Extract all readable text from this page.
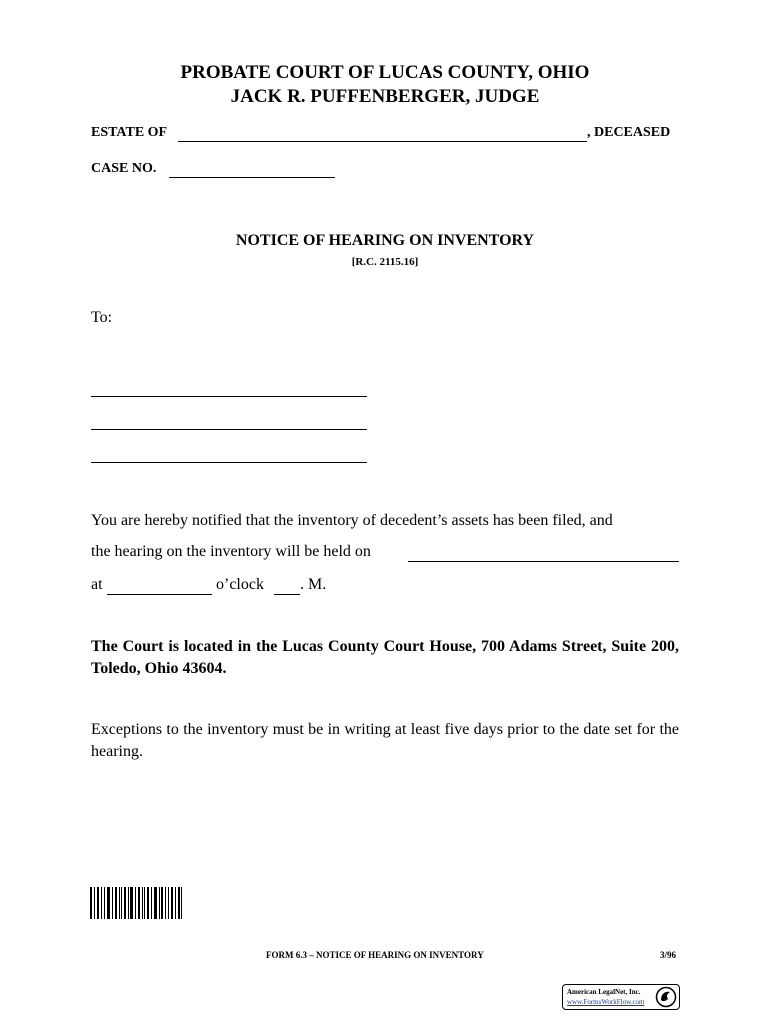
PROBATE COURT OF LUCAS COUNTY, OHIO
JACK R. PUFFENBERGER, JUDGE
ESTATE OF	, DECEASED
CASE NO.
NOTICE OF HEARING ON INVENTORY
[R.C. 2115.16]
To:
You are hereby notified that the inventory of decedent’s assets has been filed, and
the hearing on the inventory will be held on
at	o’clock . M.
The Court is located in the Lucas County Court House, 700 Adams Street, Suite 200, Toledo, Ohio 43604.
Exceptions to the inventory must be in writing at least five days prior to the date set for the hearing.
FORM 6.3 – NOTICE OF HEARING ON INVENTORY	3/96
American LegalNet, Inc.
www.FormsWorkFlow.com
